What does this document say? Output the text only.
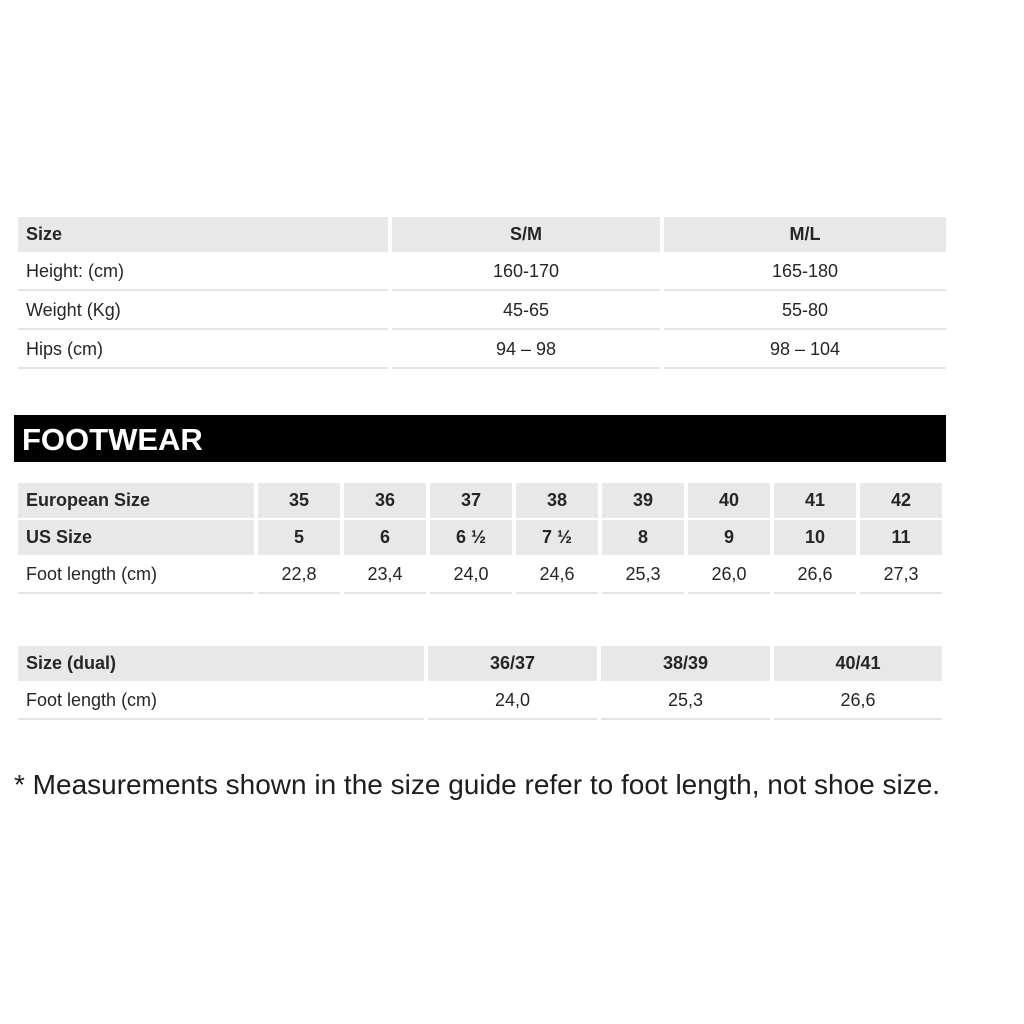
Size	S/M	M/L
Height: (cm)	160-170	165-180
Weight (Kg)	45-65	55-80
Hips (cm)	94 – 98	98 – 104
FOOTWEAR
European Size	35	36	37	38	39	40	41	42
US Size	5	6	6 ½	7 ½	8	9	10	11
Foot length (cm)	22,8	23,4	24,0	24,6	25,3	26,0	26,6	27,3
Size (dual)	36/37	38/39	40/41
Foot length (cm)	24,0	25,3	26,6
* Measurements shown in the size guide refer to foot length, not shoe size.
